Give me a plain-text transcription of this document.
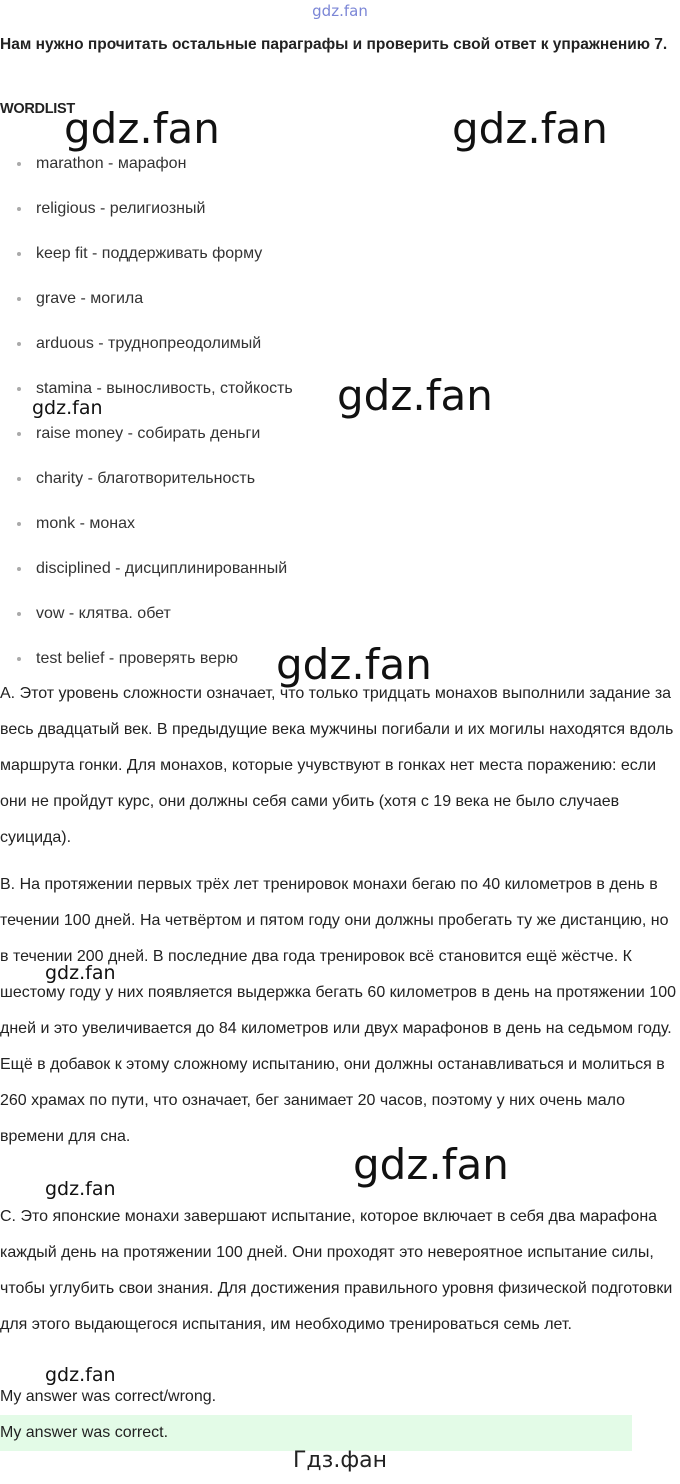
gdz.fan
Нам нужно прочитать остальные параграфы и проверить свой ответ к упражнению 7.
WORDLIST
marathon - марафон
religious - религиозный
keep fit - поддерживать форму
grave - могила
arduous - труднопреодолимый
stamina - выносливость, стойкость
raise money - собирать деньги
charity - благотворительность
monk - монах
disciplined - дисциплинированный
vow - клятва. обет
test belief - проверять верю

A. Этот уровень сложности означает, что только тридцать монахов выполнили задание за весь двадцатый век. В предыдущие века мужчины погибали и их могилы находятся вдоль маршрута гонки. Для монахов, которые учувствуют в гонках нет места поражению: если они не пройдут курс, они должны себя сами убить (хотя с 19 века не было случаев суицида).

B. На протяжении первых трёх лет тренировок монахи бегаю по 40 километров в день в течении 100 дней. На четвёртом и пятом году они должны пробегать ту же дистанцию, но в течении 200 дней. В последние два года тренировок всё становится ещё жёстче. К шестому году у них появляется выдержка бегать 60 километров в день на протяжении 100 дней и это увеличивается до 84 километров или двух марафонов в день на седьмом году. Ещё в добавок к этому сложному испытанию, они должны останавливаться и молиться в 260 храмах по пути, что означает, бег занимает 20 часов, поэтому у них очень мало времени для сна.

C. Это японские монахи завершают испытание, которое включает в себя два марафона каждый день на протяжении 100 дней. Они проходят это невероятное испытание силы, чтобы углубить свои знания. Для достижения правильного уровня физической подготовки для этого выдающегося испытания, им необходимо тренироваться семь лет.

My answer was correct/wrong.
My answer was correct.
Гдз.фан
gdz.fan	gdz.fan
gdz.fan
gdz.fan
gdz.fan
gdz.fan
gdz.fan
gdz.fan
gdz.fan
